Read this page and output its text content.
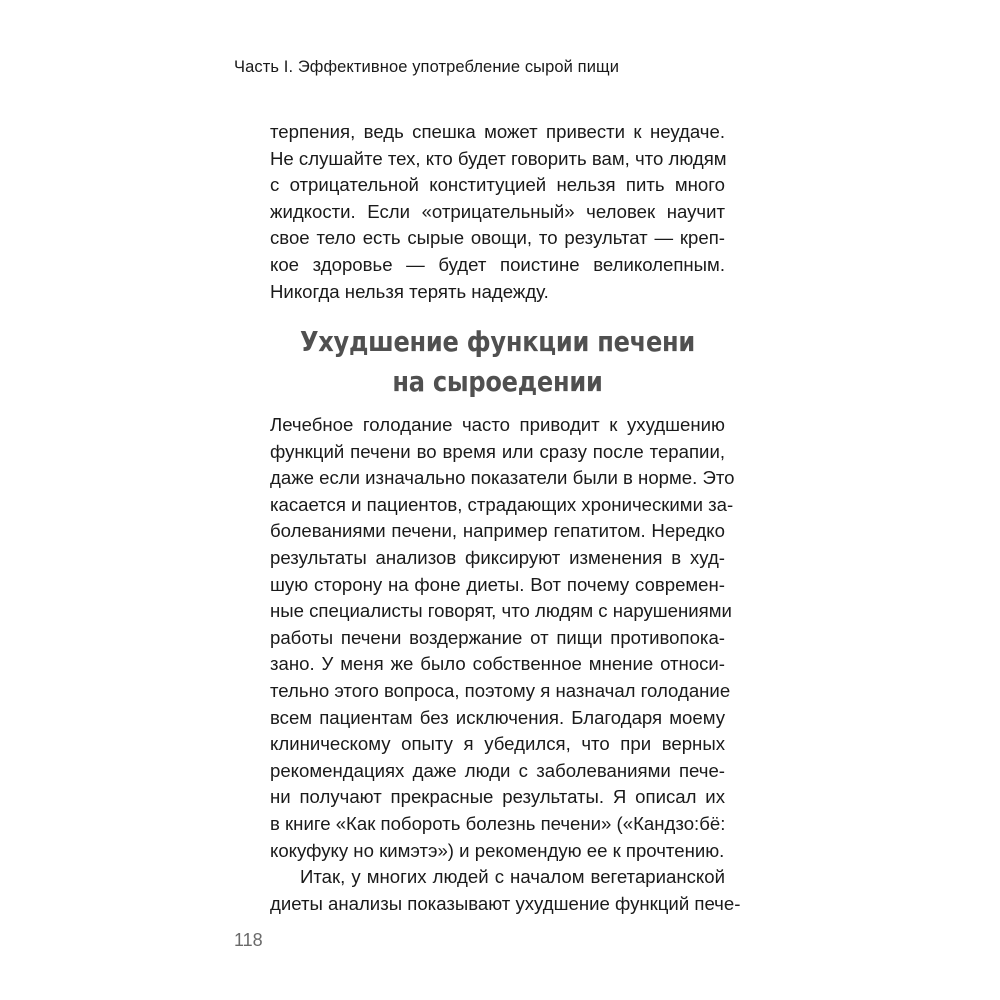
Часть I. Эффективное употребление сырой пищи
терпения, ведь спешка может привести к неудаче.
Не слушайте тех, кто будет говорить вам, что людям
с отрицательной конституцией нельзя пить много
жидкости. Если «отрицательный» человек научит
свое тело есть сырые овощи, то результат — креп-
кое здоровье — будет поистине великолепным.
Никогда нельзя терять надежду.
Ухудшение функции печени
на сыроедении
Лечебное голодание часто приводит к ухудшению
функций печени во время или сразу после терапии,
даже если изначально показатели были в норме. Это
касается и пациентов, страдающих хроническими за-
болеваниями печени, например гепатитом. Нередко
результаты анализов фиксируют изменения в худ-
шую сторону на фоне диеты. Вот почему современ-
ные специалисты говорят, что людям с нарушениями
работы печени воздержание от пищи противопока-
зано. У меня же было собственное мнение относи-
тельно этого вопроса, поэтому я назначал голодание
всем пациентам без исключения. Благодаря моему
клиническому опыту я убедился, что при верных
рекомендациях даже люди с заболеваниями пече-
ни получают прекрасные результаты. Я описал их
в книге «Как побороть болезнь печени» («Кандзо:бё:
кокуфуку но кимэтэ») и рекомендую ее к прочтению.
Итак, у многих людей с началом вегетарианской
диеты анализы показывают ухудшение функций пече-
118
